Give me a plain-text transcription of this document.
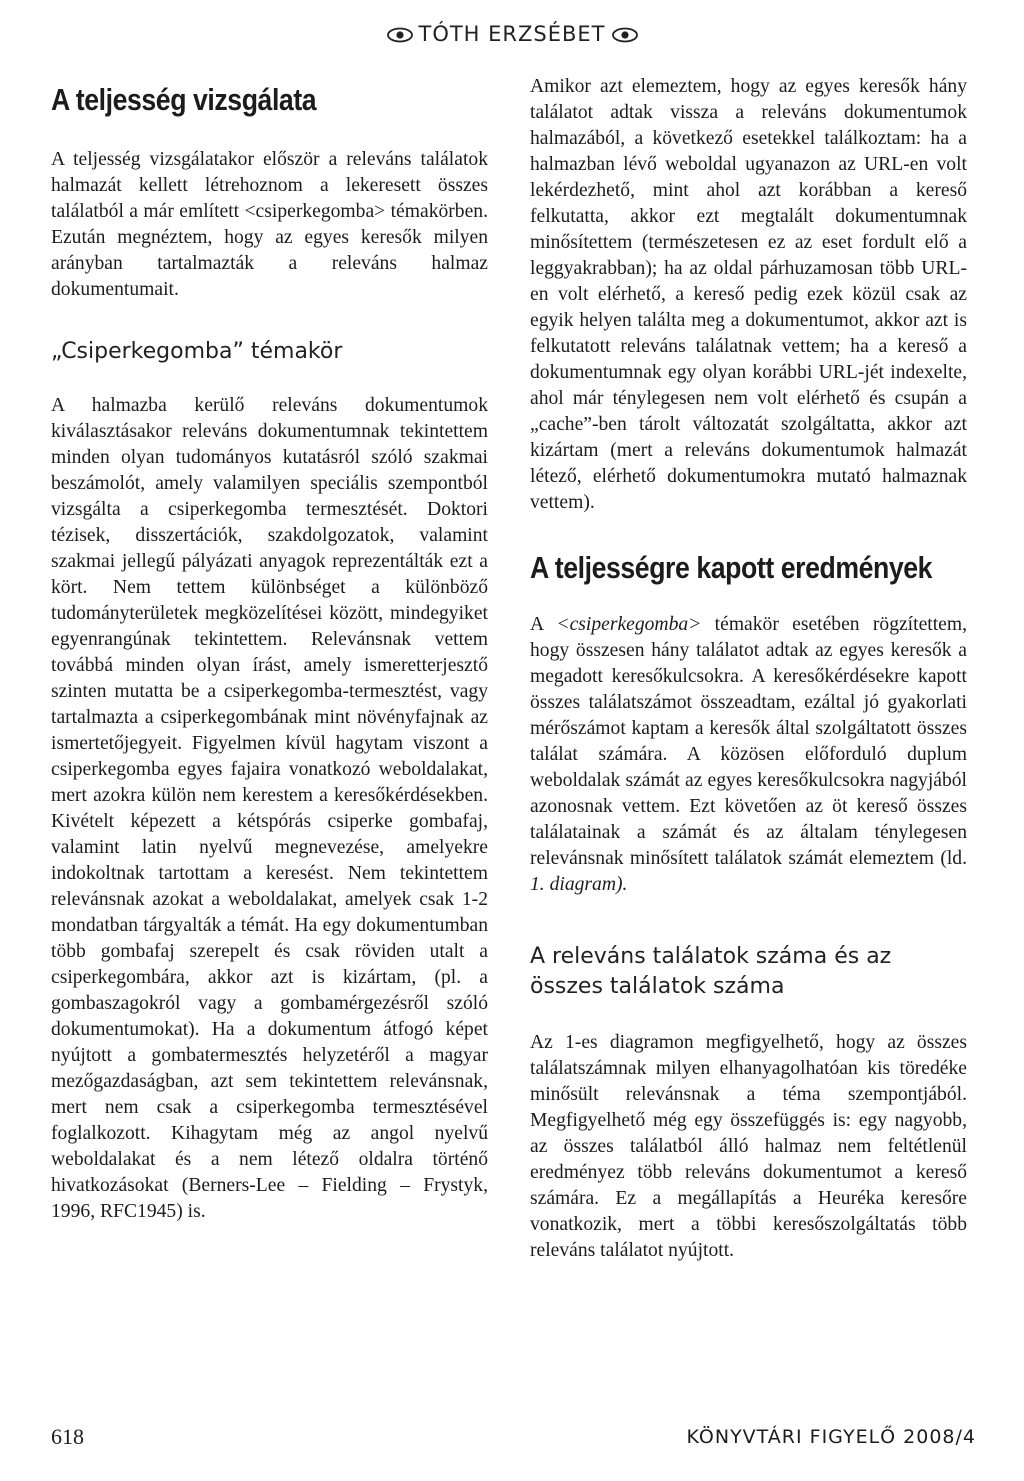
TÓTH ERZSÉBET
A teljesség vizsgálata

A teljesség vizsgálatakor először a releváns találatok halmazát kellett létrehoznom a lekeresett összes találatból a már említett <csiperkegomba> témakörben. Ezután megnéztem, hogy az egyes keresők milyen arányban tartalmazták a releváns halmaz dokumentumait.

„Csiperkegomba” témakör

A halmazba kerülő releváns dokumentumok kiválasztásakor releváns dokumentumnak tekintettem minden olyan tudományos kutatásról szóló szakmai beszámolót, amely valamilyen speciális szempontból vizsgálta a csiperkegomba termesztését. Doktori tézisek, disszertációk, szakdolgozatok, valamint szakmai jellegű pályázati anyagok reprezentálták ezt a kört. Nem tettem különbséget a különböző tudományterületek megközelítései között, mindegyiket egyenrangúnak tekintettem. Relevánsnak vettem továbbá minden olyan írást, amely ismeretterjesztő szinten mutatta be a csiperkegomba-termesztést, vagy tartalmazta a csiperkegombának mint növényfajnak az ismertetőjegyeit. Figyelmen kívül hagytam viszont a csiperkegomba egyes fajaira vonatkozó weboldalakat, mert azokra külön nem kerestem a keresőkérdésekben. Kivételt képezett a kétspórás csiperke gombafaj, valamint latin nyelvű megnevezése, amelyekre indokoltnak tartottam a keresést. Nem tekintettem relevánsnak azokat a weboldalakat, amelyek csak 1-2 mondatban tárgyalták a témát. Ha egy dokumentumban több gombafaj szerepelt és csak röviden utalt a csiperkegombára, akkor azt is kizártam, (pl. a gombaszagokról vagy a gombamérgezésről szóló dokumentumokat). Ha a dokumentum átfogó képet nyújtott a gombatermesztés helyzetéről a magyar mezőgazdaságban, azt sem tekintettem relevánsnak, mert nem csak a csiperkegomba termesztésével foglalkozott. Kihagytam még az angol nyelvű weboldalakat és a nem létező oldalra történő hivatkozásokat (Berners-Lee – Fielding – Frystyk, 1996, RFC1945) is.

Amikor azt elemeztem, hogy az egyes keresők hány találatot adtak vissza a releváns dokumentumok halmazából, a következő esetekkel találkoztam: ha a halmazban lévő weboldal ugyanazon az URL-en volt lekérdezhető, mint ahol azt korábban a kereső felkutatta, akkor ezt megtalált dokumentumnak minősítettem (természetesen ez az eset fordult elő a leggyakrabban); ha az oldal párhuzamosan több URL-en volt elérhető, a kereső pedig ezek közül csak az egyik helyen találta meg a dokumentumot, akkor azt is felkutatott releváns találatnak vettem; ha a kereső a dokumentumnak egy olyan korábbi URL-jét indexelte, ahol már ténylegesen nem volt elérhető és csupán a „cache”-ben tárolt változatát szolgáltatta, akkor azt kizártam (mert a releváns dokumentumok halmazát létező, elérhető dokumentumokra mutató halmaznak vettem).

A teljességre kapott eredmények

A <csiperkegomba> témakör esetében rögzítettem, hogy összesen hány találatot adtak az egyes keresők a megadott keresőkulcsokra. A keresőkérdésekre kapott összes találatszámot összeadtam, ezáltal jó gyakorlati mérőszámot kaptam a keresők által szolgáltatott összes találat számára. A közösen előforduló duplum weboldalak számát az egyes keresőkulcsokra nagyjából azonosnak vettem. Ezt követően az öt kereső összes találatainak a számát és az általam ténylegesen relevánsnak minősített találatok számát elemeztem (ld. 1. diagram).

A releváns találatok száma és az összes találatok száma

Az 1-es diagramon megfigyelhető, hogy az összes találatszámnak milyen elhanyagolhatóan kis töredéke minősült relevánsnak a téma szempontjából. Megfigyelhető még egy összefüggés is: egy nagyobb, az összes találatból álló halmaz nem feltétlenül eredményez több releváns dokumentumot a kereső számára. Ez a megállapítás a Heuréka keresőre vonatkozik, mert a többi keresőszolgáltatás több releváns találatot nyújtott.

618	KÖNYVTÁRI FIGYELŐ 2008/4
